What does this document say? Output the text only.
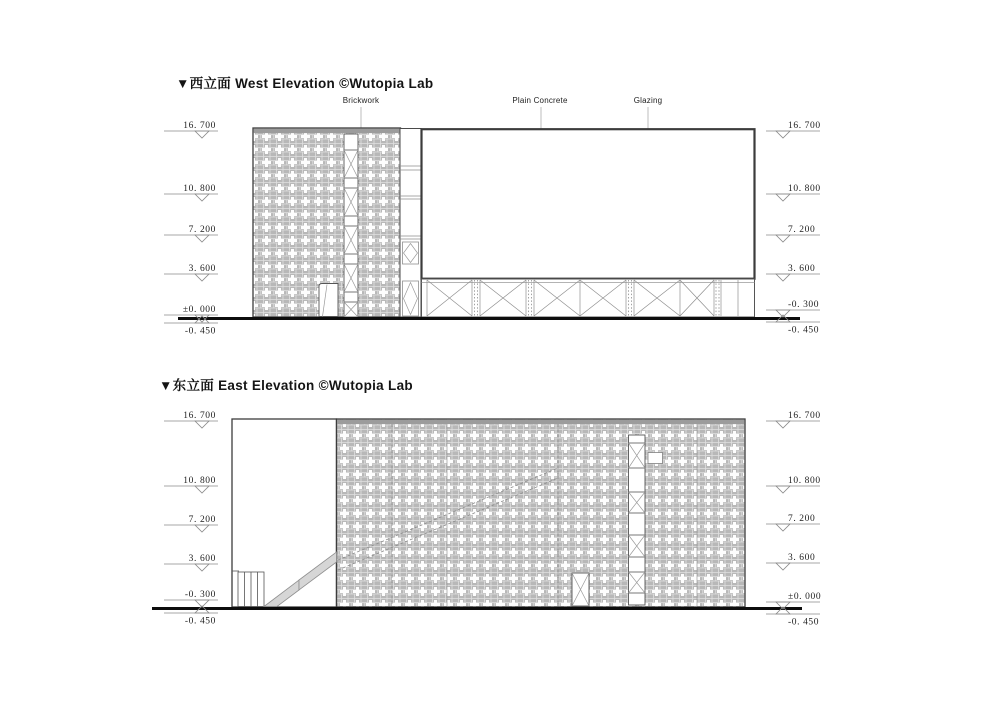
▼西立面 West Elevation ©Wutopia Lab
▼东立面 East Elevation ©Wutopia Lab
Brickwork	Plain Concrete	Glazing
16. 700
10. 800
7. 200
3. 600
±0. 000
-0. 450
16. 700
10. 800
7. 200
3. 600
-0. 300
-0. 450
16. 700
10. 800
7. 200
3. 600
-0. 300
-0. 450
16. 700
10. 800
7. 200
3. 600
±0. 000
-0. 450
